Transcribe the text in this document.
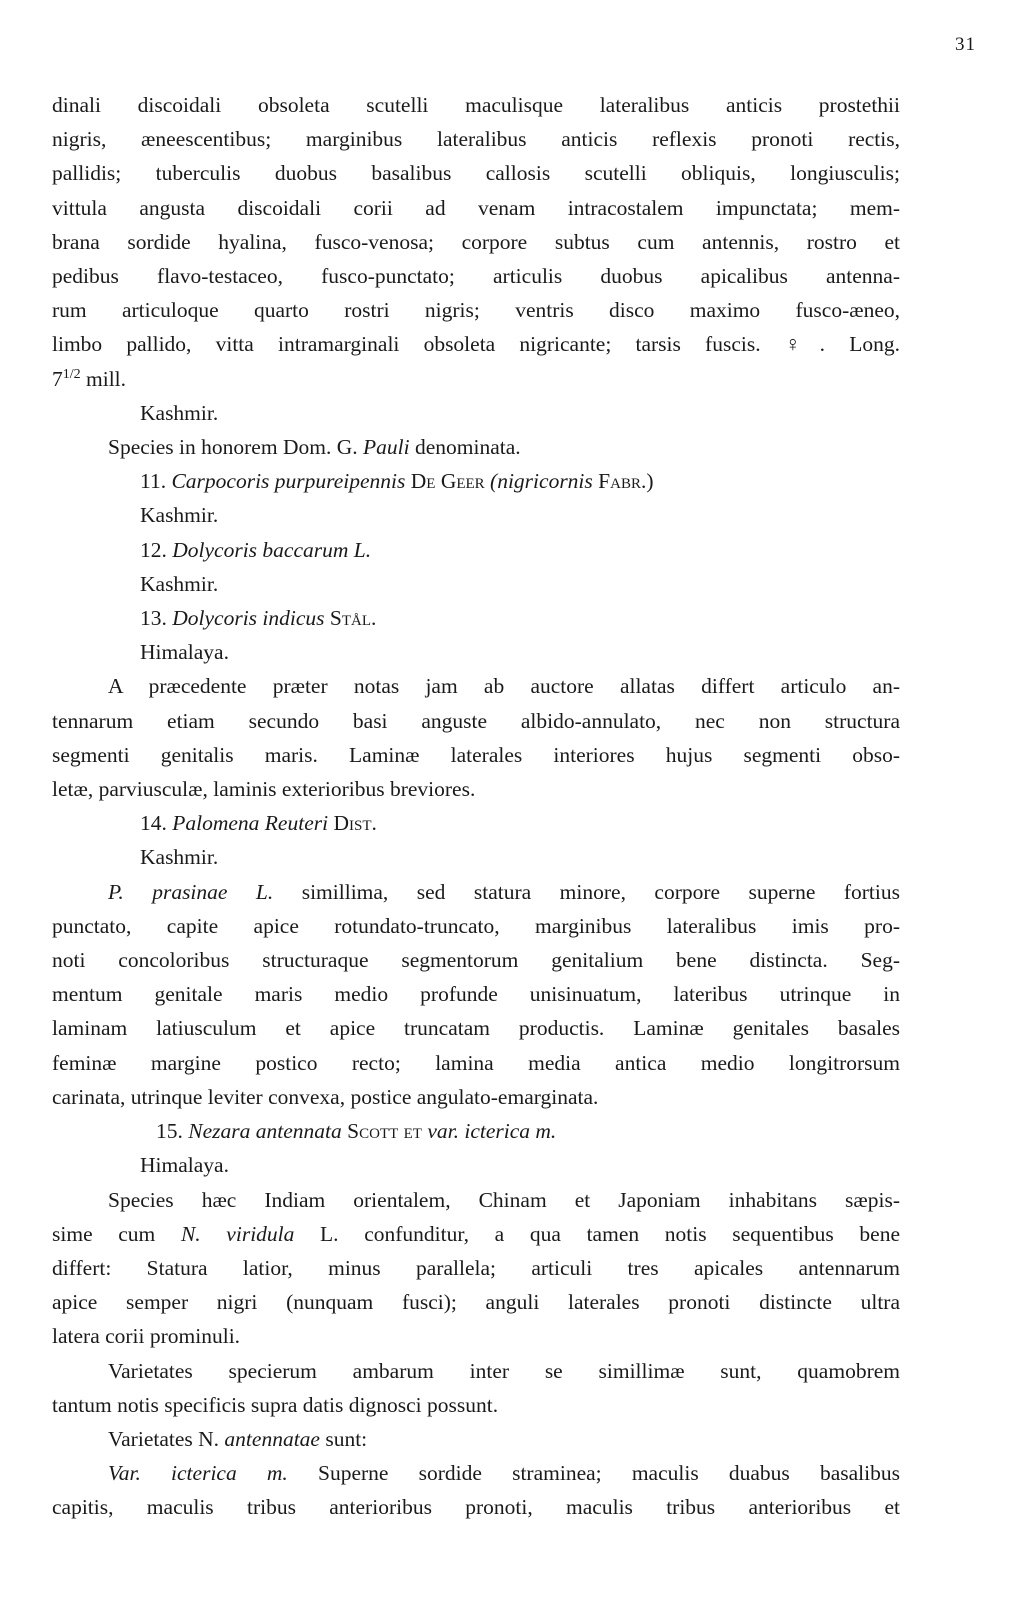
31
dinali discoidali obsoleta scutelli maculisque lateralibus anticis prostethii
nigris, æneescentibus; marginibus lateralibus anticis reflexis pronoti rectis,
pallidis; tuberculis duobus basalibus callosis scutelli obliquis, longiusculis;
vittula angusta discoidali corii ad venam intracostalem impunctata; mem-
brana sordide hyalina, fusco-venosa; corpore subtus cum antennis, rostro et
pedibus flavo-testaceo, fusco-punctato; articulis duobus apicalibus antenna-
rum articuloque quarto rostri nigris; ventris disco maximo fusco-æneo,
limbo pallido, vitta intramarginali obsoleta nigricante; tarsis fuscis. ♀. Long.
$7^{1/2}$ mill.
Kashmir.
Species in honorem Dom. G. Pauli denominata.
11. Carpocoris purpureipennis De Geer (nigricornis Fabr.)
Kashmir.
12. Dolycoris baccarum L.
Kashmir.
13. Dolycoris indicus Stål.
Himalaya.
A præcedente præter notas jam ab auctore allatas differt articulo an-
tennarum etiam secundo basi anguste albido-annulato, nec non structura
segmenti genitalis maris. Laminæ laterales interiores hujus segmenti obso-
letæ, parviusculæ, laminis exterioribus breviores.
14. Palomena Reuteri Dist.
Kashmir.
P. prasinae L. simillima, sed statura minore, corpore superne fortius
punctato, capite apice rotundato-truncato, marginibus lateralibus imis pro-
noti concoloribus structuraque segmentorum genitalium bene distincta. Seg-
mentum genitale maris medio profunde unisinuatum, lateribus utrinque in
laminam latiusculum et apice truncatam productis. Laminæ genitales basales
feminæ margine postico recto; lamina media antica medio longitrorsum
carinata, utrinque leviter convexa, postice angulato-emarginata.
15. Nezara antennata Scott et var. icterica m.
Himalaya.
Species hæc Indiam orientalem, Chinam et Japoniam inhabitans sæpis-
sime cum N. viridula L. confunditur, a qua tamen notis sequentibus bene
differt: Statura latior, minus parallela; articuli tres apicales antennarum
apice semper nigri (nunquam fusci); anguli laterales pronoti distincte ultra
latera corii prominuli.
Varietates specierum ambarum inter se simillimæ sunt, quamobrem
tantum notis specificis supra datis dignosci possunt.
Varietates N. antennatae sunt:
Var. icterica m. Superne sordide straminea; maculis duabus basalibus
capitis, maculis tribus anterioribus pronoti, maculis tribus anterioribus et
